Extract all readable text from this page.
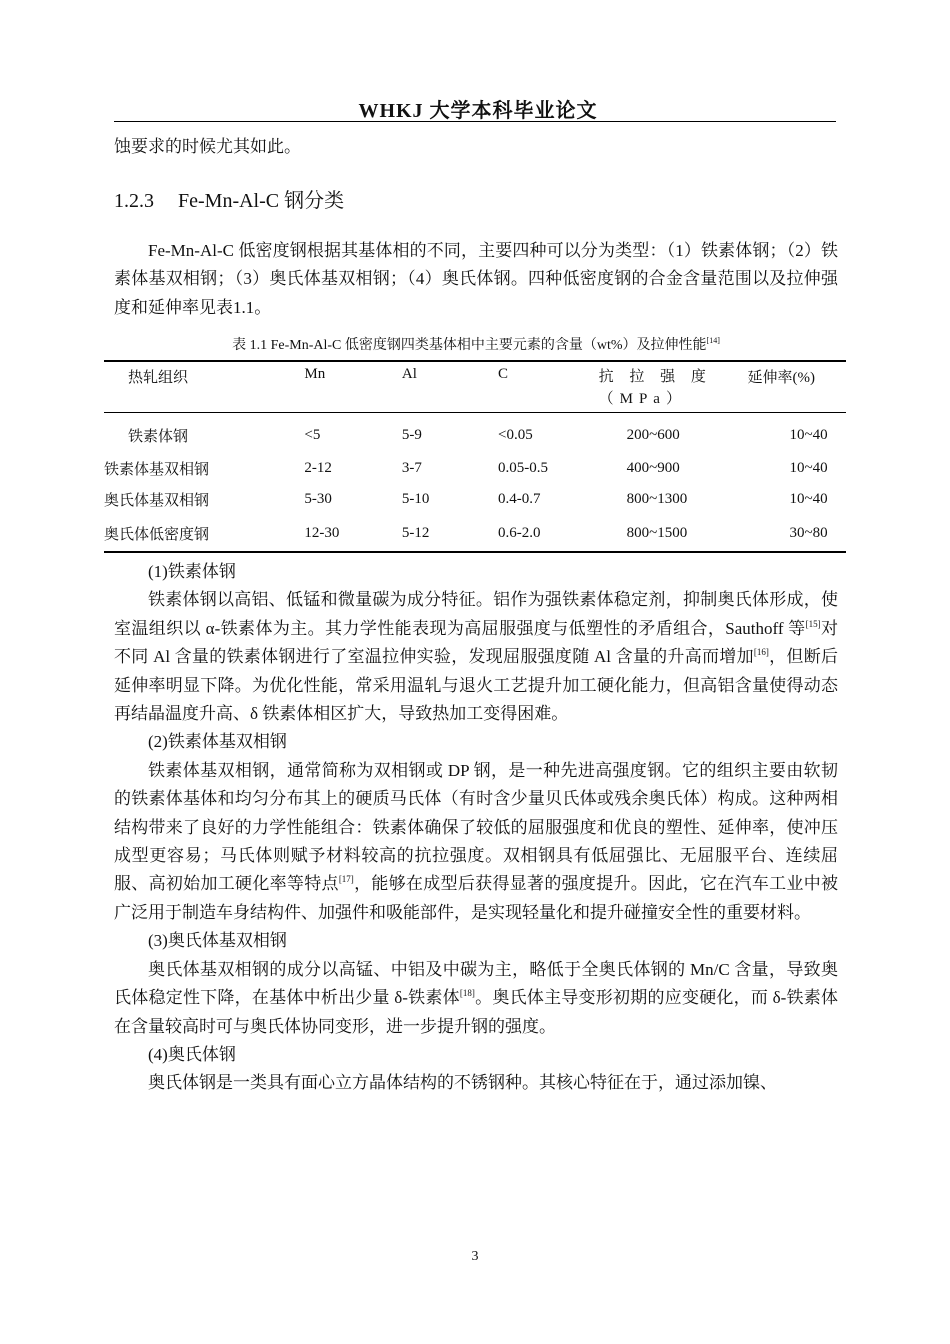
WHKJ 大学本科毕业论文

蚀要求的时候尤其如此。

1.2.3 Fe-Mn-Al-C 钢分类

Fe-Mn-Al-C 低密度钢根据其基体相的不同，主要四种可以分为类型：（1）铁素体钢；（2）铁素体基双相钢；（3）奥氏体基双相钢；（4）奥氏体钢。四种低密度钢的合金含量范围以及拉伸强度和延伸率见表1.1。

表 1.1 Fe-Mn-Al-C 低密度钢四类基体相中主要元素的含量（wt%）及拉伸性能[14]
热轧组织	Mn	Al	C	抗 拉 强 度（MPa）	延伸率(%)
铁素体钢	<5	5-9	<0.05	200~600	10~40
铁素体基双相钢	2-12	3-7	0.05-0.5	400~900	10~40
奥氏体基双相钢	5-30	5-10	0.4-0.7	800~1300	10~40
奥氏体低密度钢	12-30	5-12	0.6-2.0	800~1500	30~80

(1)铁素体钢

铁素体钢以高铝、低锰和微量碳为成分特征。铝作为强铁素体稳定剂，抑制奥氏体形成，使室温组织以 α-铁素体为主。其力学性能表现为高屈服强度与低塑性的矛盾组合，Sauthoff 等[15]对不同 Al 含量的铁素体钢进行了室温拉伸实验，发现屈服强度随 Al 含量的升高而增加[16]，但断后延伸率明显下降。为优化性能，常采用温轧与退火工艺提升加工硬化能力，但高铝含量使得动态再结晶温度升高、δ 铁素体相区扩大，导致热加工变得困难。

(2)铁素体基双相钢

铁素体基双相钢，通常简称为双相钢或 DP 钢，是一种先进高强度钢。它的组织主要由软韧的铁素体基体和均匀分布其上的硬质马氏体（有时含少量贝氏体或残余奥氏体）构成。这种两相结构带来了良好的力学性能组合：铁素体确保了较低的屈服强度和优良的塑性、延伸率，使冲压成型更容易；马氏体则赋予材料较高的抗拉强度。双相钢具有低屈强比、无屈服平台、连续屈服、高初始加工硬化率等特点[17]，能够在成型后获得显著的强度提升。因此，它在汽车工业中被广泛用于制造车身结构件、加强件和吸能部件，是实现轻量化和提升碰撞安全性的重要材料。

(3)奥氏体基双相钢

奥氏体基双相钢的成分以高锰、中铝及中碳为主，略低于全奥氏体钢的 Mn/C 含量，导致奥氏体稳定性下降，在基体中析出少量 δ-铁素体[18]。奥氏体主导变形初期的应变硬化，而 δ-铁素体在含量较高时可与奥氏体协同变形，进一步提升钢的强度。

(4)奥氏体钢

奥氏体钢是一类具有面心立方晶体结构的不锈钢种。其核心特征在于，通过添加镍、

3
